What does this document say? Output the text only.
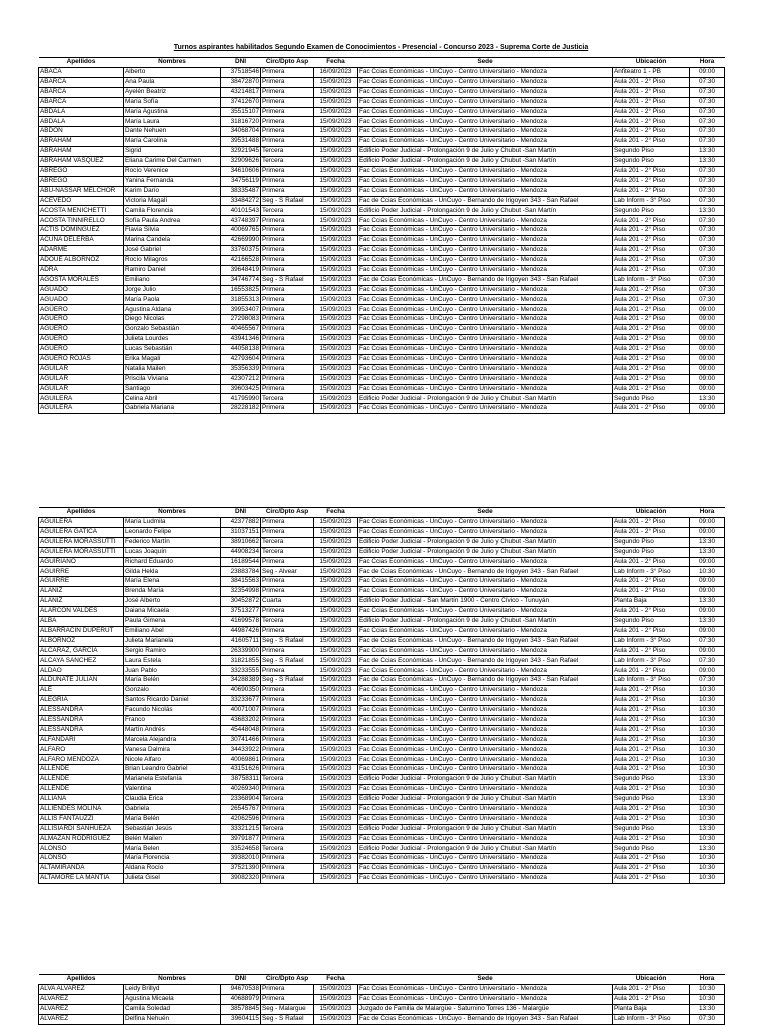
Turnos aspirantes habilitados Segundo Examen de Conocimientos - Presencial - Concurso 2023 - Suprema Corte de Justicia
Apellidos	Nombres	DNI	Circ/Dpto Asp	Fecha	Sede	Ubicación	Hora
ABACA	Alberto	37518546	Primera	16/09/2023	Fac Ccias Económicas - UnCuyo - Centro Universitario - Mendoza	Anfiteatro 1 - PB	09:00
ABARCA	Ana Paula	38472870	Primera	15/09/2023	Fac Ccias Económicas - UnCuyo - Centro Universitario - Mendoza	Aula 201 - 2° Piso	07:30
ABARCA	Ayelén Beatriz	43214817	Primera	15/09/2023	Fac Ccias Económicas - UnCuyo - Centro Universitario - Mendoza	Aula 201 - 2° Piso	07:30
ABARCA	María Sofía	37412670	Primera	15/09/2023	Fac Ccias Económicas - UnCuyo - Centro Universitario - Mendoza	Aula 201 - 2° Piso	07:30
ABDALA	María Agustina	35515107	Primera	15/09/2023	Fac Ccias Económicas - UnCuyo - Centro Universitario - Mendoza	Aula 201 - 2° Piso	07:30
ABDALA	María Laura	31816720	Primera	15/09/2023	Fac Ccias Económicas - UnCuyo - Centro Universitario - Mendoza	Aula 201 - 2° Piso	07:30
ABDÓN	Dante Nehuen	34068704	Primera	15/09/2023	Fac Ccias Económicas - UnCuyo - Centro Universitario - Mendoza	Aula 201 - 2° Piso	07:30
ABRAHAM	María Carolina	39531488	Primera	15/09/2023	Fac Ccias Económicas - UnCuyo - Centro Universitario - Mendoza	Aula 201 - 2° Piso	07:30
ABRAHAM	Sigrid	32921945	Tercera	15/09/2023	Edificio Poder Judicial - Prolongación 9 de Julio y Chubut -San Martín	Segundo Piso	13:30
ABRAHAM VASQUEZ	Eliana Carime Del Carmen	32909626	Tercera	15/09/2023	Edificio Poder Judicial - Prolongación 9 de Julio y Chubut -San Martín	Segundo Piso	13:30
ABREGO	Rocío Verenice	34610606	Primera	15/09/2023	Fac Ccias Económicas - UnCuyo - Centro Universitario - Mendoza	Aula 201 - 2° Piso	07:30
ABREGO	Yanina Fernanda	34756119	Primera	15/09/2023	Fac Ccias Económicas - UnCuyo - Centro Universitario - Mendoza	Aula 201 - 2° Piso	07:30
ABU-NASSAR MELCHOR	Karim Darío	38335487	Primera	15/09/2023	Fac Ccias Económicas - UnCuyo - Centro Universitario - Mendoza	Aula 201 - 2° Piso	07:30
ACEVEDO	Victoria Magalí	33484272	Seg - S Rafael	15/09/2023	Fac de Ccias Económicas - UnCuyo - Bernando de Irigoyen 343 - San Rafael	Lab Inform - 3° Piso	07:30
ACOSTA MENICHETTI	Camila Florencia	40101543	Tercera	15/09/2023	Edificio Poder Judicial - Prolongación 9 de Julio y Chubut -San Martín	Segundo Piso	13:30
ACOSTA TINNIRELLO	Sofía Paula Andrea	43748397	Primera	15/09/2023	Fac Ccias Económicas - UnCuyo - Centro Universitario - Mendoza	Aula 201 - 2° Piso	07:30
ACTIS DOMINGUEZ	Flavia Silvia	40069765	Primera	15/09/2023	Fac Ccias Económicas - UnCuyo - Centro Universitario - Mendoza	Aula 201 - 2° Piso	07:30
ACUÑA DELERBA	Marina Candela	42669990	Primera	15/09/2023	Fac Ccias Económicas - UnCuyo - Centro Universitario - Mendoza	Aula 201 - 2° Piso	07:30
ADARME	José Gabriel	33760375	Primera	15/09/2023	Fac Ccias Económicas - UnCuyo - Centro Universitario - Mendoza	Aula 201 - 2° Piso	07:30
ADOUE ALBORNOZ	Rocío Milagros	42166528	Primera	15/09/2023	Fac Ccias Económicas - UnCuyo - Centro Universitario - Mendoza	Aula 201 - 2° Piso	07:30
ADRA	Ramiro Daniel	39648419	Primera	15/09/2023	Fac Ccias Económicas - UnCuyo - Centro Universitario - Mendoza	Aula 201 - 2° Piso	07:30
AGOSTA MORALES	Emiliano	34746774	Seg - S Rafael	15/09/2023	Fac de Ccias Económicas - UnCuyo - Bernando de Irigoyen 343 - San Rafael	Lab Inform - 3° Piso	07:30
AGUADO	Jorge Julio	16553825	Primera	15/09/2023	Fac Ccias Económicas - UnCuyo - Centro Universitario - Mendoza	Aula 201 - 2° Piso	07:30
AGUADO	María Paola	31855313	Primera	15/09/2023	Fac Ccias Económicas - UnCuyo - Centro Universitario - Mendoza	Aula 201 - 2° Piso	07:30
AGÜERO	Agustina Aldana	39953407	Primera	15/09/2023	Fac Ccias Económicas - UnCuyo - Centro Universitario - Mendoza	Aula 201 - 2° Piso	09:00
AGÜERO	Diego Nicolas	27298083	Primera	15/09/2023	Fac Ccias Económicas - UnCuyo - Centro Universitario - Mendoza	Aula 201 - 2° Piso	09:00
AGÜERO	Gonzalo Sebastián	40465567	Primera	15/09/2023	Fac Ccias Económicas - UnCuyo - Centro Universitario - Mendoza	Aula 201 - 2° Piso	09:00
AGÜERO	Julieta Lourdes	43941346	Primera	15/09/2023	Fac Ccias Económicas - UnCuyo - Centro Universitario - Mendoza	Aula 201 - 2° Piso	09:00
AGÜERO	Lucas Sebastián	44058138	Primera	15/09/2023	Fac Ccias Económicas - UnCuyo - Centro Universitario - Mendoza	Aula 201 - 2° Piso	09:00
AGÜERO ROJAS	Erika Magalí	42793604	Primera	15/09/2023	Fac Ccias Económicas - UnCuyo - Centro Universitario - Mendoza	Aula 201 - 2° Piso	09:00
AGUILAR	Natalia Mailen	35356339	Primera	15/09/2023	Fac Ccias Económicas - UnCuyo - Centro Universitario - Mendoza	Aula 201 - 2° Piso	09:00
AGUILAR	Priscila Viviana	42307212	Primera	15/09/2023	Fac Ccias Económicas - UnCuyo - Centro Universitario - Mendoza	Aula 201 - 2° Piso	09:00
AGUILAR	Santiago	39603425	Primera	15/09/2023	Fac Ccias Económicas - UnCuyo - Centro Universitario - Mendoza	Aula 201 - 2° Piso	09:00
AGUILERA	Celina Abril	41795990	Tercera	15/09/2023	Edificio Poder Judicial - Prolongación 9 de Julio y Chubut -San Martín	Segundo Piso	13:30
AGUILERA	Gabriela Mariana	28228182	Primera	15/09/2023	Fac Ccias Económicas - UnCuyo - Centro Universitario - Mendoza	Aula 201 - 2° Piso	09:00
Apellidos	Nombres	DNI	Circ/Dpto Asp	Fecha	Sede	Ubicación	Hora
AGUILERA	María Ludmila	42377882	Primera	15/09/2023	Fac Ccias Económicas - UnCuyo - Centro Universitario - Mendoza	Aula 201 - 2° Piso	09:00
AGUILERA GATICA	Leonardo Felipe	31037151	Primera	15/09/2023	Fac Ccias Económicas - UnCuyo - Centro Universitario - Mendoza	Aula 201 - 2° Piso	09:00
AGUILERA MORASSUTTI	Federico Martín	38910662	Tercera	15/09/2023	Edificio Poder Judicial - Prolongación 9 de Julio y Chubut -San Martín	Segundo Piso	13:30
AGUILERA MORASSUTTI	Lucas Joaquín	44908234	Tercera	15/09/2023	Edificio Poder Judicial - Prolongación 9 de Julio y Chubut -San Martín	Segundo Piso	13:30
AGUIRIANO	Richard Eduardo	16189544	Primera	15/09/2023	Fac Ccias Económicas - UnCuyo - Centro Universitario - Mendoza	Aula 201 - 2° Piso	09:00
AGUIRRE	Gilda Hekla	23883784	Seg - Alvear	15/09/2023	Fac de Ccias Económicas - UnCuyo - Bernando de Irigoyen 343 - San Rafael	Lab Inform - 3° Piso	10:30
AGUIRRE	María Elena	38415563	Primera	15/09/2023	Fac Ccias Económicas - UnCuyo - Centro Universitario - Mendoza	Aula 201 - 2° Piso	09:00
ALANIZ	Brenda María	32354998	Primera	15/09/2023	Fac Ccias Económicas - UnCuyo - Centro Universitario - Mendoza	Aula 201 - 2° Piso	09:00
ALANIZ	José Alberto	30452872	Cuarta	15/09/2023	Edificio Poder Judicial - San Martín 1900 - Centro Cívico - Tunuyán	Planta Baja	13:30
ALARCON VALDES	Daiana Micaela	37513277	Primera	15/09/2023	Fac Ccias Económicas - UnCuyo - Centro Universitario - Mendoza	Aula 201 - 2° Piso	09:00
ALBA	Paula Gimena	41699578	Tercera	15/09/2023	Edificio Poder Judicial - Prolongación 9 de Julio y Chubut -San Martín	Segundo Piso	13:30
ALBARRACIN DUPERUT	Emiliano Abel	44987426	Primera	15/09/2023	Fac Ccias Económicas - UnCuyo - Centro Universitario - Mendoza	Aula 201 - 2° Piso	09:00
ALBORNOZ	Julieta Marianela	41605711	Seg - S Rafael	15/09/2023	Fac de Ccias Económicas - UnCuyo - Bernando de Irigoyen 343 - San Rafael	Lab Inform - 3° Piso	07:30
ALCARAZ, GARCÍA	Sergio Ramiro	26339900	Primera	15/09/2023	Fac Ccias Económicas - UnCuyo - Centro Universitario - Mendoza	Aula 201 - 2° Piso	09:00
ALCAYA SANCHEZ	Laura Estela	31821855	Seg - S Rafael	15/09/2023	Fac de Ccias Económicas - UnCuyo - Bernando de Irigoyen 343 - San Rafael	Lab Inform - 3° Piso	07:30
ALDAO	Juan Pablo	33233555	Primera	15/09/2023	Fac Ccias Económicas - UnCuyo - Centro Universitario - Mendoza	Aula 201 - 2° Piso	09:00
ALDUNATE JULIÁN	María Belén	34288389	Seg - S Rafael	15/09/2023	Fac de Ccias Económicas - UnCuyo - Bernando de Irigoyen 343 - San Rafael	Lab Inform - 3° Piso	07:30
ALÉ	Gonzalo	40690350	Primera	15/09/2023	Fac Ccias Económicas - UnCuyo - Centro Universitario - Mendoza	Aula 201 - 2° Piso	10:30
ALEGRIA	Santos Ricardo Daniel	33233677	Primera	15/09/2023	Fac Ccias Económicas - UnCuyo - Centro Universitario - Mendoza	Aula 201 - 2° Piso	10:30
ALESSANDRA	Facundo Nicolás	40071007	Primera	15/09/2023	Fac Ccias Económicas - UnCuyo - Centro Universitario - Mendoza	Aula 201 - 2° Piso	10:30
ALESSANDRA	Franco	43683202	Primera	15/09/2023	Fac Ccias Económicas - UnCuyo - Centro Universitario - Mendoza	Aula 201 - 2° Piso	10:30
ALESSANDRA	Martín Andrés	45448048	Primera	15/09/2023	Fac Ccias Económicas - UnCuyo - Centro Universitario - Mendoza	Aula 201 - 2° Piso	10:30
ALFANDARI	Marcela Alejandra	30741466	Primera	15/09/2023	Fac Ccias Económicas - UnCuyo - Centro Universitario - Mendoza	Aula 201 - 2° Piso	10:30
ALFARO	Vanesa Dalmira	34433922	Primera	15/09/2023	Fac Ccias Económicas - UnCuyo - Centro Universitario - Mendoza	Aula 201 - 2° Piso	10:30
ALFARO MENDOZA	Nicole Alfaro	40069861	Primera	15/09/2023	Fac Ccias Económicas - UnCuyo - Centro Universitario - Mendoza	Aula 201 - 2° Piso	10:30
ALLENDE	Brian Leandro Gabriel	43151626	Primera	15/09/2023	Fac Ccias Económicas - UnCuyo - Centro Universitario - Mendoza	Aula 201 - 2° Piso	10:30
ALLENDE	Marianela Estefanía	38758311	Tercera	15/09/2023	Edificio Poder Judicial - Prolongación 9 de Julio y Chubut -San Martín	Segundo Piso	13:30
ALLENDE	Valentina	40269340	Primera	15/09/2023	Fac Ccias Económicas - UnCuyo - Centro Universitario - Mendoza	Aula 201 - 2° Piso	10:30
ALLIANA	Claudia Erica	23368904	Tercera	15/09/2023	Edificio Poder Judicial - Prolongación 9 de Julio y Chubut -San Martín	Segundo Piso	13:30
ALLIENDES MOLINA	Gabriela	26545767	Primera	15/09/2023	Fac Ccias Económicas - UnCuyo - Centro Universitario - Mendoza	Aula 201 - 2° Piso	10:30
ALLIS FANTAUZZI	María Belén	42062596	Primera	15/09/2023	Fac Ccias Económicas - UnCuyo - Centro Universitario - Mendoza	Aula 201 - 2° Piso	10:30
ALLISIARDI SANHUEZA	Sebastián Jesús	33321215	Tercera	15/09/2023	Edificio Poder Judicial - Prolongación 9 de Julio y Chubut -San Martín	Segundo Piso	13:30
ALMAZAN RODRÍGUEZ	Belén Mailen	39791877	Primera	15/09/2023	Fac Ccias Económicas - UnCuyo - Centro Universitario - Mendoza	Aula 201 - 2° Piso	10:30
ALONSO	María Belen	33524658	Tercera	15/09/2023	Edificio Poder Judicial - Prolongación 9 de Julio y Chubut -San Martín	Segundo Piso	13:30
ALONSO	María Florencia	39382010	Primera	15/09/2023	Fac Ccias Económicas - UnCuyo - Centro Universitario - Mendoza	Aula 201 - 2° Piso	10:30
ALTAMIRANDA	Aldana Rocío	37521390	Primera	15/09/2023	Fac Ccias Económicas - UnCuyo - Centro Universitario - Mendoza	Aula 201 - 2° Piso	10:30
ALTAMORE LA MANTIA	Julieta Gisel	39082320	Primera	15/09/2023	Fac Ccias Económicas - UnCuyo - Centro Universitario - Mendoza	Aula 201 - 2° Piso	10:30
Apellidos	Nombres	DNI	Circ/Dpto Asp	Fecha	Sede	Ubicación	Hora
ALVA ALVAREZ	Leidy Brillyd	94670538	Primera	15/09/2023	Fac Ccias Económicas - UnCuyo - Centro Universitario - Mendoza	Aula 201 - 2° Piso	10:30
ALVAREZ	Agustina Micaela	40688979	Primera	15/09/2023	Fac Ccias Económicas - UnCuyo - Centro Universitario - Mendoza	Aula 201 - 2° Piso	10:30
ALVAREZ	Camila Soledad	38578845	Seg - Malargue	15/09/2023	Juzgado de Familia de Malargüe - Saturnino Torres 136 - Malargüe	Planta Baja	13:30
ALVAREZ	Delfina Nehuén	39604115	Seg - S Rafael	15/09/2023	Fac de Ccias Económicas - UnCuyo - Bernando de Irigoyen 343 - San Rafael	Lab Inform - 3° Piso	07:30
